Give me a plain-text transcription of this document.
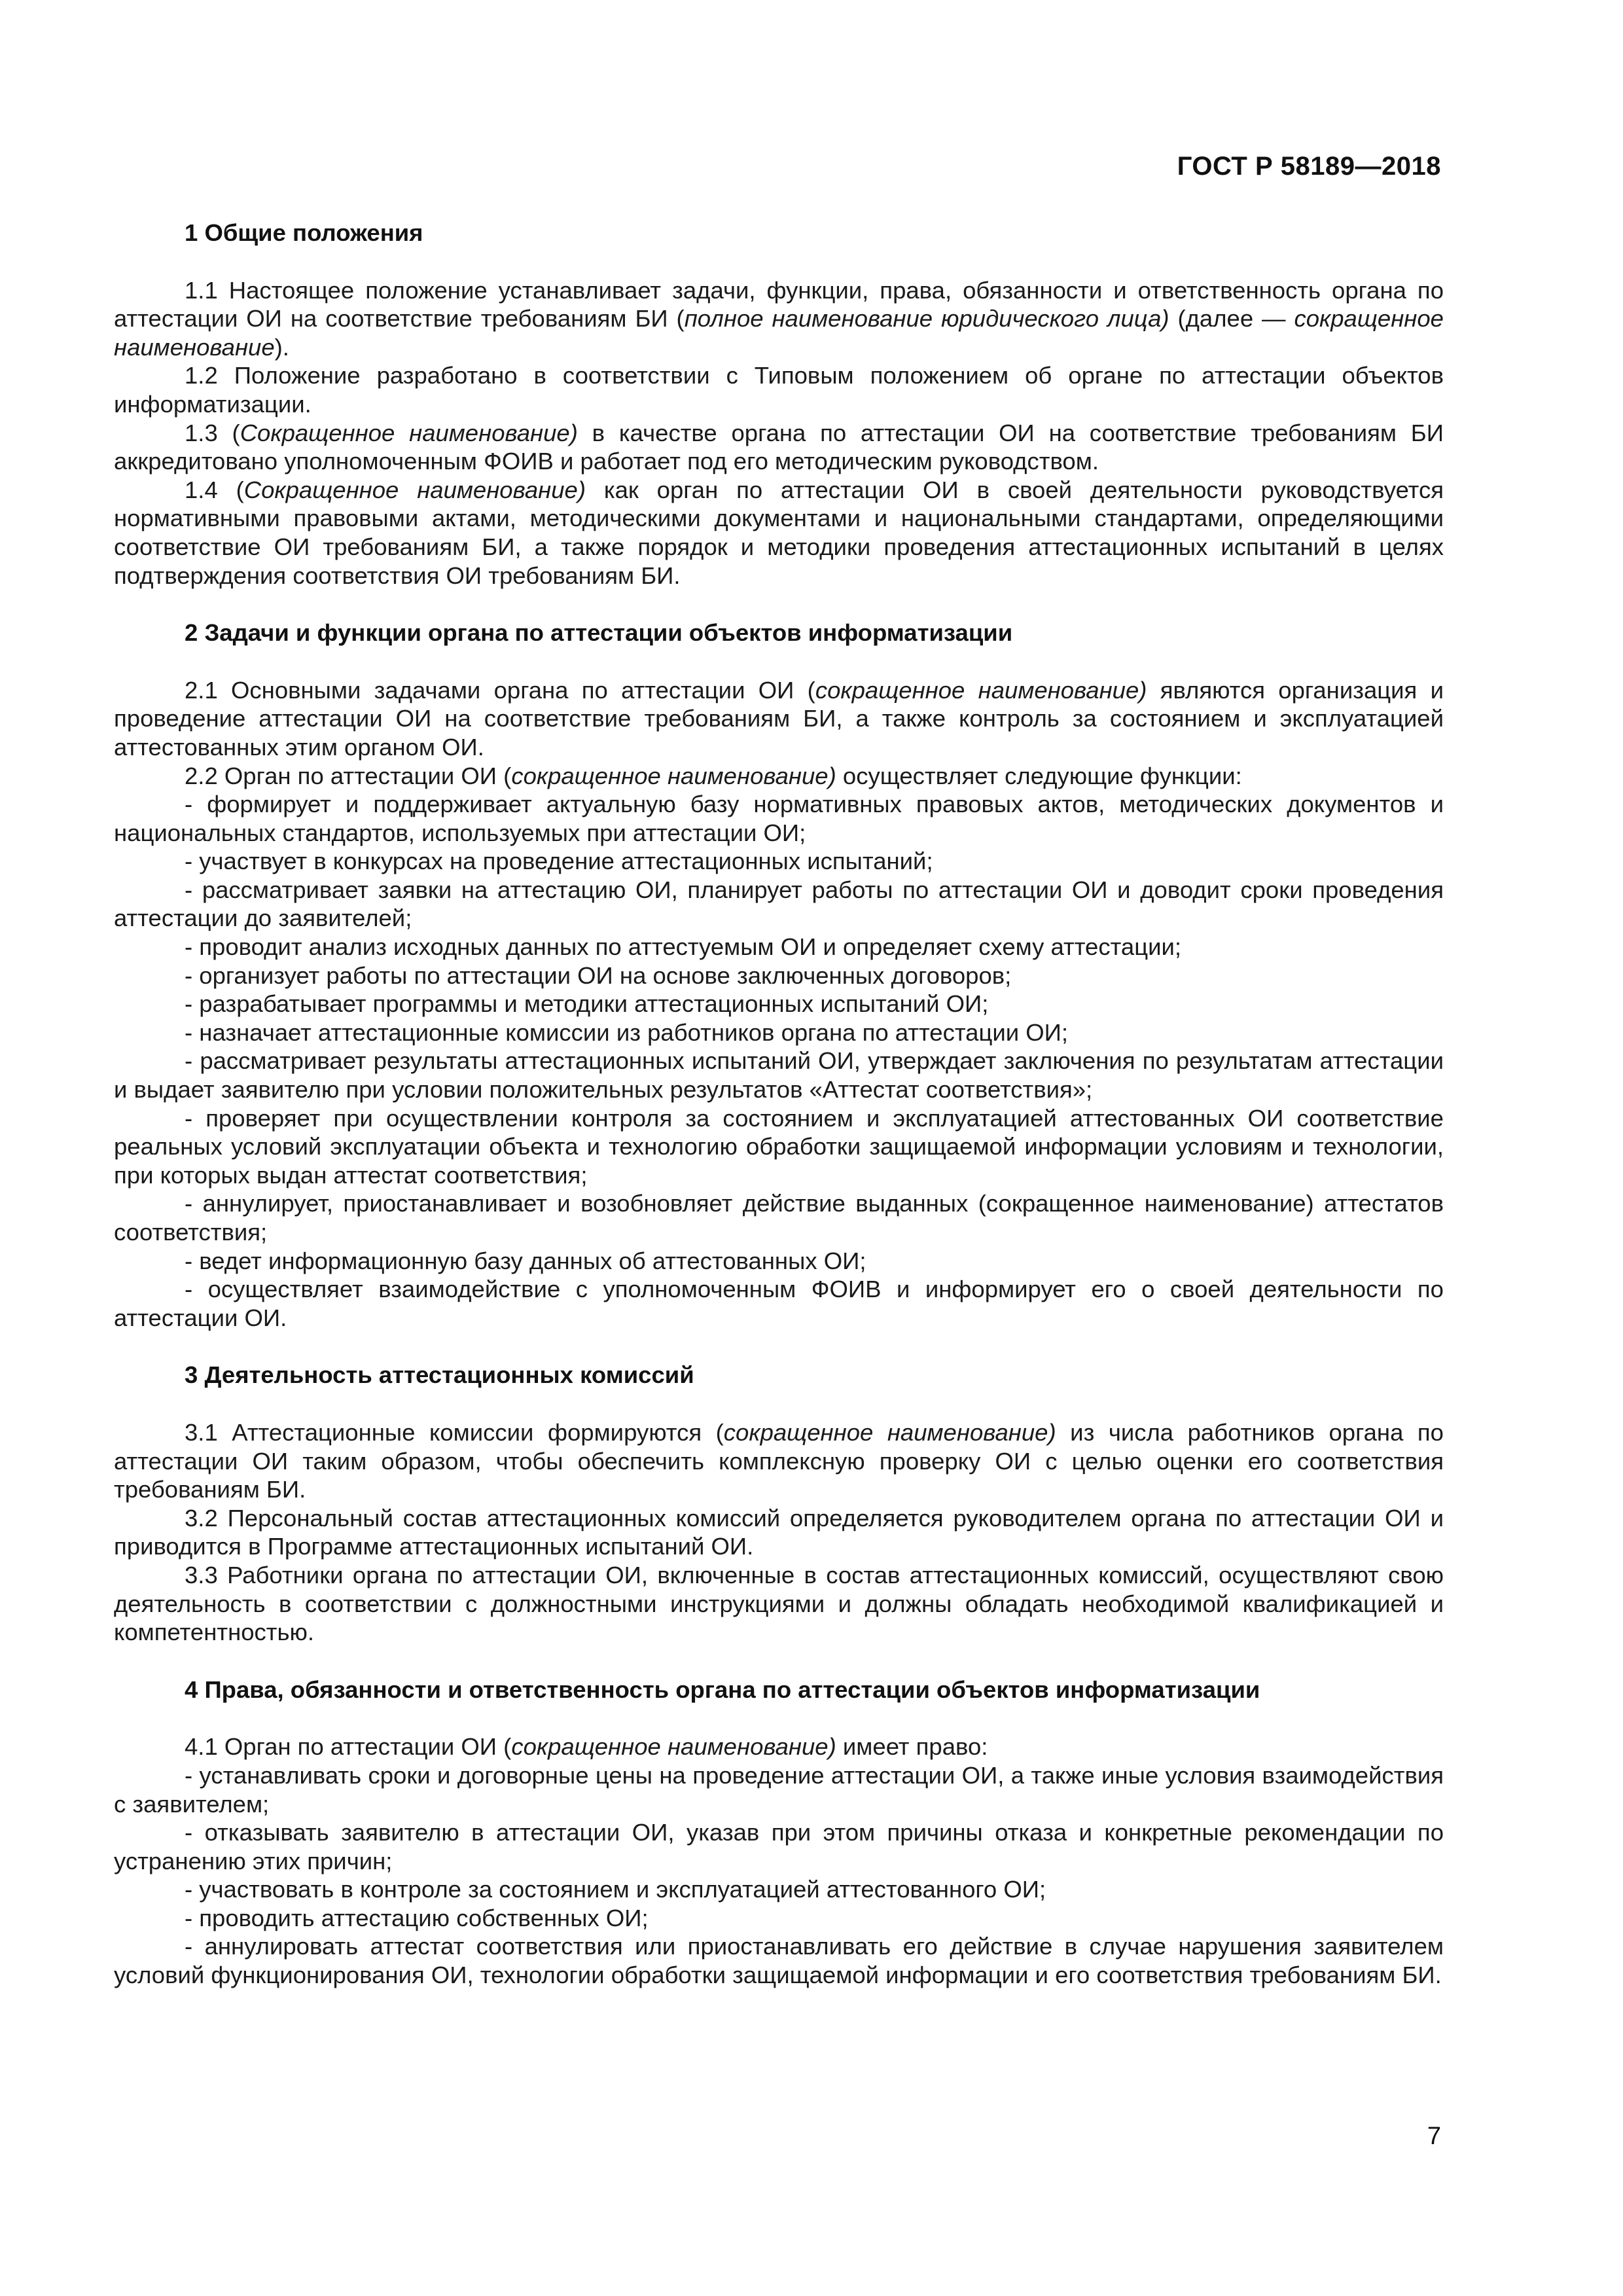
ГОСТ Р 58189—2018
1 Общие положения

1.1 Настоящее положение устанавливает задачи, функции, права, обязанности и ответственность органа по аттестации ОИ на соответствие требованиям БИ (полное наименование юридического лица) (далее — сокращенное наименование).

1.2 Положение разработано в соответствии с Типовым положением об органе по аттестации объектов информатизации.

1.3 (Сокращенное наименование) в качестве органа по аттестации ОИ на соответствие требованиям БИ аккредитовано уполномоченным ФОИВ и работает под его методическим руководством.

1.4 (Сокращенное наименование) как орган по аттестации ОИ в своей деятельности руководствуется нормативными правовыми актами, методическими документами и национальными стандартами, определяющими соответствие ОИ требованиям БИ, а также порядок и методики проведения аттестационных испытаний в целях подтверждения соответствия ОИ требованиям БИ.

2 Задачи и функции органа по аттестации объектов информатизации

2.1 Основными задачами органа по аттестации ОИ (сокращенное наименование) являются организация и проведение аттестации ОИ на соответствие требованиям БИ, а также контроль за состоянием и эксплуатацией аттестованных этим органом ОИ.

2.2 Орган по аттестации ОИ (сокращенное наименование) осуществляет следующие функции:

- формирует и поддерживает актуальную базу нормативных правовых актов, методических документов и национальных стандартов, используемых при аттестации ОИ;

- участвует в конкурсах на проведение аттестационных испытаний;

- рассматривает заявки на аттестацию ОИ, планирует работы по аттестации ОИ и доводит сроки проведения аттестации до заявителей;

- проводит анализ исходных данных по аттестуемым ОИ и определяет схему аттестации;

- организует работы по аттестации ОИ на основе заключенных договоров;

- разрабатывает программы и методики аттестационных испытаний ОИ;

- назначает аттестационные комиссии из работников органа по аттестации ОИ;

- рассматривает результаты аттестационных испытаний ОИ, утверждает заключения по результатам аттестации и выдает заявителю при условии положительных результатов «Аттестат соответствия»;

- проверяет при осуществлении контроля за состоянием и эксплуатацией аттестованных ОИ соответствие реальных условий эксплуатации объекта и технологию обработки защищаемой информации условиям и технологии, при которых выдан аттестат соответствия;

- аннулирует, приостанавливает и возобновляет действие выданных (сокращенное наименование) аттестатов соответствия;

- ведет информационную базу данных об аттестованных ОИ;

- осуществляет взаимодействие с уполномоченным ФОИВ и информирует его о своей деятельности по аттестации ОИ.

3 Деятельность аттестационных комиссий

3.1 Аттестационные комиссии формируются (сокращенное наименование) из числа работников органа по аттестации ОИ таким образом, чтобы обеспечить комплексную проверку ОИ с целью оценки его соответствия требованиям БИ.

3.2 Персональный состав аттестационных комиссий определяется руководителем органа по аттестации ОИ и приводится в Программе аттестационных испытаний ОИ.

3.3 Работники органа по аттестации ОИ, включенные в состав аттестационных комиссий, осуществляют свою деятельность в соответствии с должностными инструкциями и должны обладать необходимой квалификацией и компетентностью.

4 Права, обязанности и ответственность органа по аттестации объектов информатизации

4.1 Орган по аттестации ОИ (сокращенное наименование) имеет право:

- устанавливать сроки и договорные цены на проведение аттестации ОИ, а также иные условия взаимодействия с заявителем;

- отказывать заявителю в аттестации ОИ, указав при этом причины отказа и конкретные рекомендации по устранению этих причин;

- участвовать в контроле за состоянием и эксплуатацией аттестованного ОИ;

- проводить аттестацию собственных ОИ;

- аннулировать аттестат соответствия или приостанавливать его действие в случае нарушения заявителем условий функционирования ОИ, технологии обработки защищаемой информации и его соответствия требованиям БИ.

7
